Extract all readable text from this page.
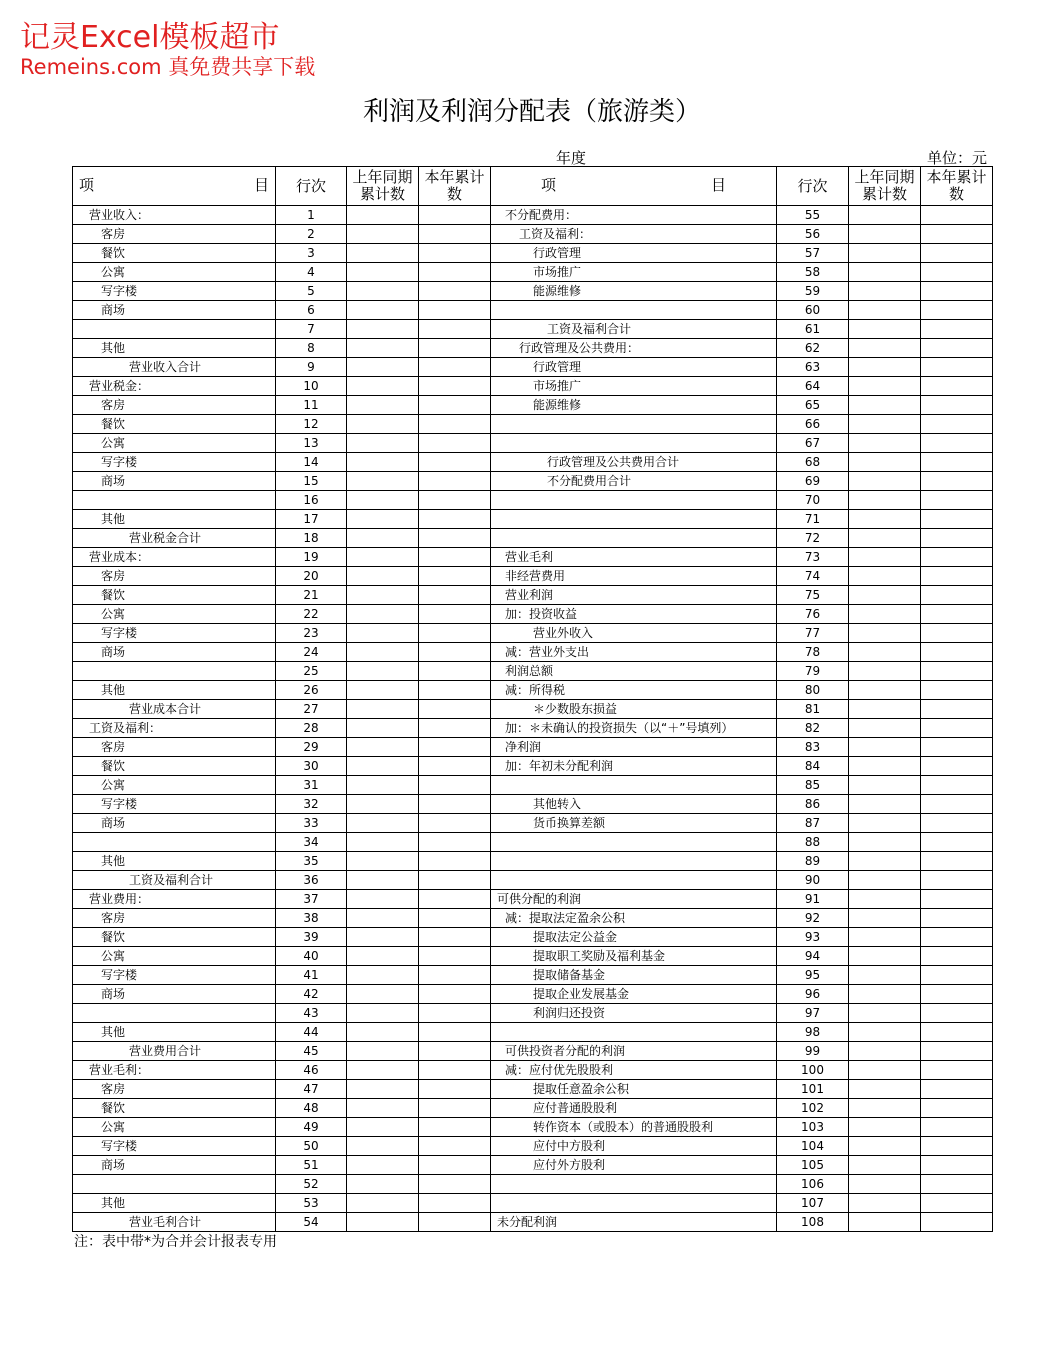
记灵Excel模板超市
Remeins.com 真免费共享下载
利润及利润分配表（旅游类）
年度	单位：元
项 目	行次	上年同期累计数	本年累计数	项 目	行次	上年同期累计数	本年累计数
营业收入：	1			不分配费用：	55		
客房	2			工资及福利：	56		
餐饮	3			行政管理	57		
公寓	4			市场推广	58		
写字楼	5			能源维修	59		
商场	6				60		
	7			工资及福利合计	61		
其他	8			行政管理及公共费用：	62		
营业收入合计	9			行政管理	63		
营业税金：	10			市场推广	64		
客房	11			能源维修	65		
餐饮	12				66		
公寓	13				67		
写字楼	14			行政管理及公共费用合计	68		
商场	15			不分配费用合计	69		
	16				70		
其他	17				71		
营业税金合计	18				72		
营业成本：	19			营业毛利	73		
客房	20			非经营费用	74		
餐饮	21			营业利润	75		
公寓	22			加：投资收益	76		
写字楼	23			营业外收入	77		
商场	24			减：营业外支出	78		
	25			利润总额	79		
其他	26			减：所得税	80		
营业成本合计	27			＊少数股东损益	81		
工资及福利：	28			加：＊未确认的投资损失（以“＋”号填列）	82		
客房	29			净利润	83		
餐饮	30			加：年初未分配利润	84		
公寓	31				85		
写字楼	32			其他转入	86		
商场	33			货币换算差额	87		
	34				88		
其他	35				89		
工资及福利合计	36				90		
营业费用：	37			可供分配的利润	91		
客房	38			减：提取法定盈余公积	92		
餐饮	39			提取法定公益金	93		
公寓	40			提取职工奖励及福利基金	94		
写字楼	41			提取储备基金	95		
商场	42			提取企业发展基金	96		
	43			利润归还投资	97		
其他	44				98		
营业费用合计	45			可供投资者分配的利润	99		
营业毛利：	46			减：应付优先股股利	100		
客房	47			提取任意盈余公积	101		
餐饮	48			应付普通股股利	102		
公寓	49			转作资本（或股本）的普通股股利	103		
写字楼	50			应付中方股利	104		
商场	51			应付外方股利	105		
	52				106		
其他	53				107		
营业毛利合计	54			未分配利润	108		
注：表中带*为合并会计报表专用
